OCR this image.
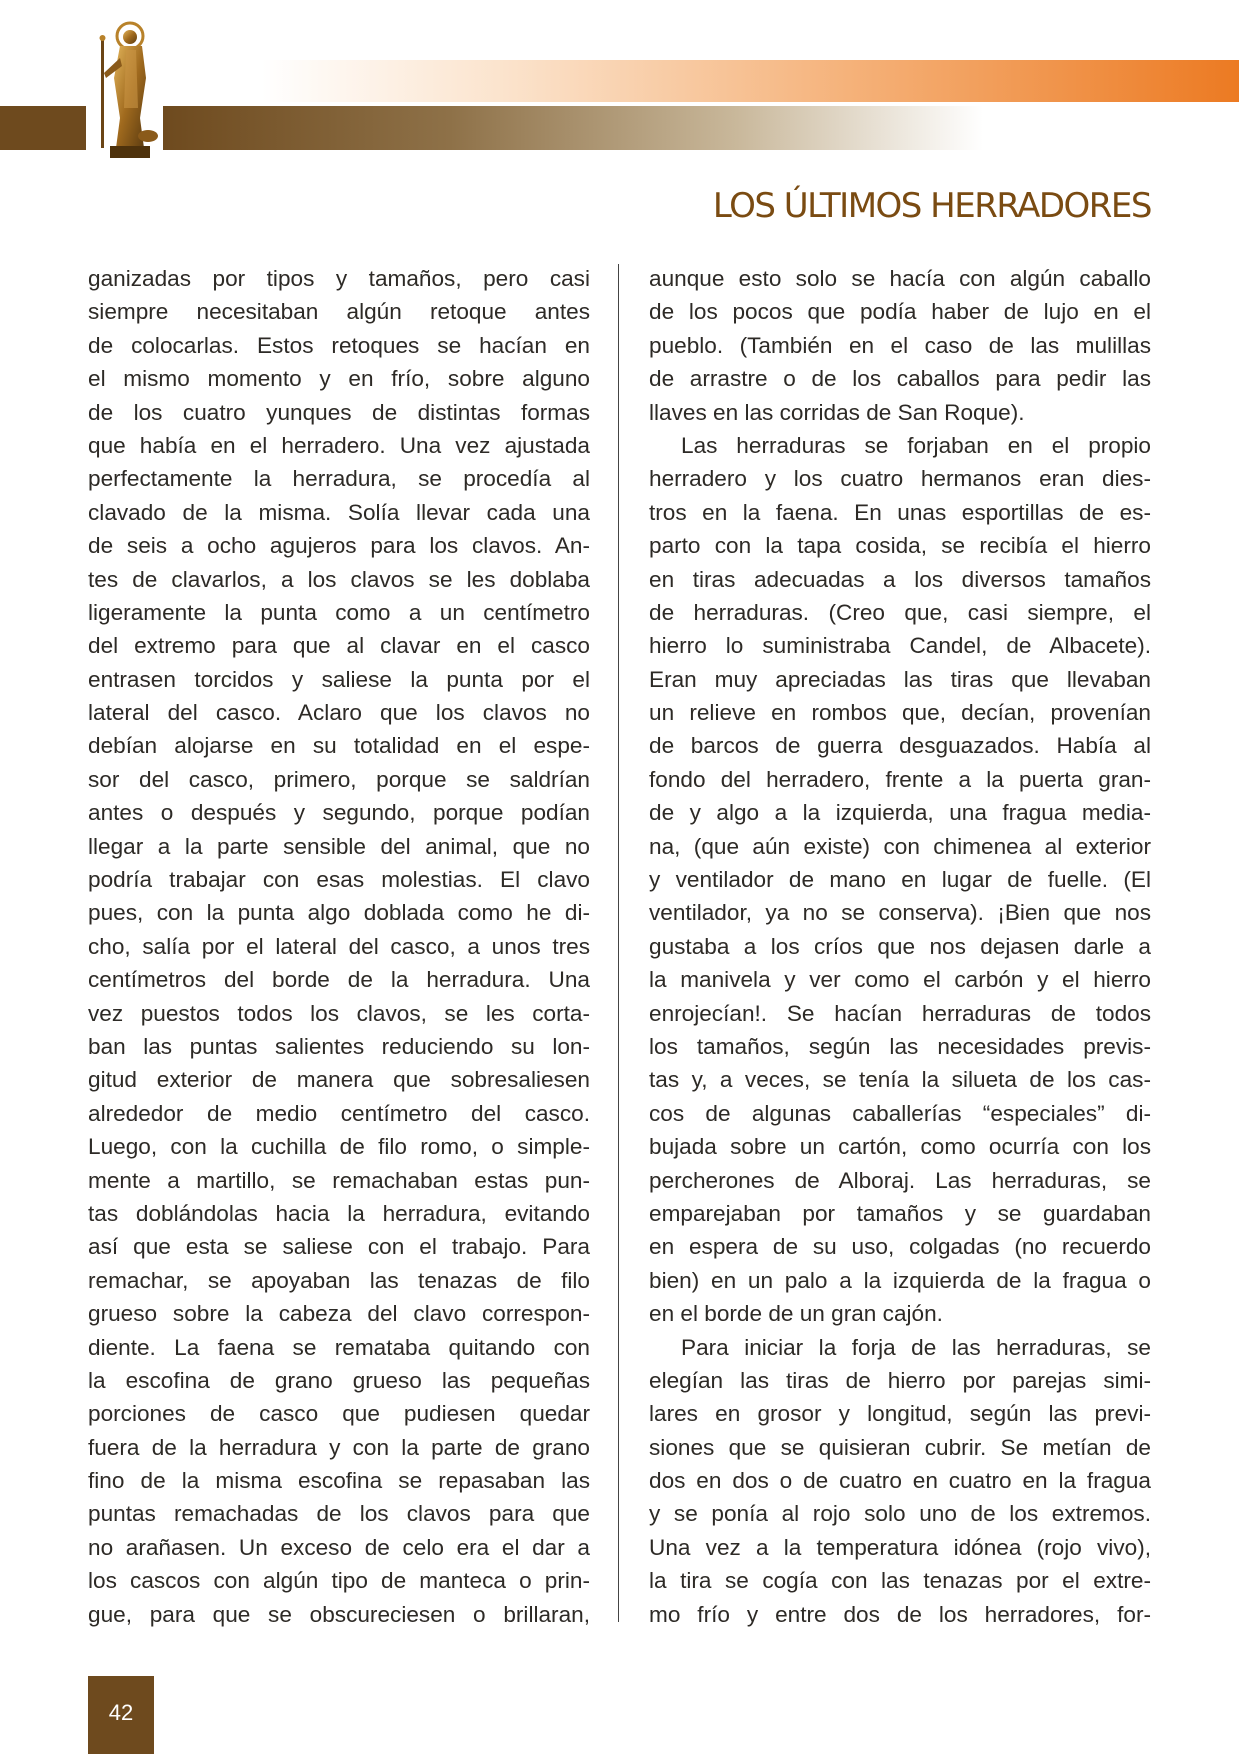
LOS ÚLTIMOS HERRADORES
ganizadas por tipos y tamaños, pero casi
siempre necesitaban algún retoque antes
de colocarlas. Estos retoques se hacían en
el mismo momento y en frío, sobre alguno
de los cuatro yunques de distintas formas
que había en el herradero. Una vez ajustada
perfectamente la herradura, se procedía al
clavado de la misma. Solía llevar cada una
de seis a ocho agujeros para los clavos. An-
tes de clavarlos, a los clavos se les doblaba
ligeramente la punta como a un centímetro
del extremo para que al clavar en el casco
entrasen torcidos y saliese la punta por el
lateral del casco. Aclaro que los clavos no
debían alojarse en su totalidad en el espe-
sor del casco, primero, porque se saldrían
antes o después y segundo, porque podían
llegar a la parte sensible del animal, que no
podría trabajar con esas molestias. El clavo
pues, con la punta algo doblada como he di-
cho, salía por el lateral del casco, a unos tres
centímetros del borde de la herradura. Una
vez puestos todos los clavos, se les corta-
ban las puntas salientes reduciendo su lon-
gitud exterior de manera que sobresaliesen
alrededor de medio centímetro del casco.
Luego, con la cuchilla de filo romo, o simple-
mente a martillo, se remachaban estas pun-
tas doblándolas hacia la herradura, evitando
así que esta se saliese con el trabajo. Para
remachar, se apoyaban las tenazas de filo
grueso sobre la cabeza del clavo correspon-
diente. La faena se remataba quitando con
la escofina de grano grueso las pequeñas
porciones de casco que pudiesen quedar
fuera de la herradura y con la parte de grano
fino de la misma escofina se repasaban las
puntas remachadas de los clavos para que
no arañasen. Un exceso de celo era el dar a
los cascos con algún tipo de manteca o prin-
gue, para que se obscureciesen o brillaran,
aunque esto solo se hacía con algún caballo
de los pocos que podía haber de lujo en el
pueblo. (También en el caso de las mulillas
de arrastre o de los caballos para pedir las
llaves en las corridas de San Roque).
Las herraduras se forjaban en el propio
herradero y los cuatro hermanos eran dies-
tros en la faena. En unas esportillas de es-
parto con la tapa cosida, se recibía el hierro
en tiras adecuadas a los diversos tamaños
de herraduras. (Creo que, casi siempre, el
hierro lo suministraba Candel, de Albacete).
Eran muy apreciadas las tiras que llevaban
un relieve en rombos que, decían, provenían
de barcos de guerra desguazados. Había al
fondo del herradero, frente a la puerta gran-
de y algo a la izquierda, una fragua media-
na, (que aún existe) con chimenea al exterior
y ventilador de mano en lugar de fuelle. (El
ventilador, ya no se conserva). ¡Bien que nos
gustaba a los críos que nos dejasen darle a
la manivela y ver como el carbón y el hierro
enrojecían!. Se hacían herraduras de todos
los tamaños, según las necesidades previs-
tas y, a veces, se tenía la silueta de los cas-
cos de algunas caballerías “especiales” di-
bujada sobre un cartón, como ocurría con los
percherones de Alboraj. Las herraduras, se
emparejaban por tamaños y se guardaban
en espera de su uso, colgadas (no recuerdo
bien) en un palo a la izquierda de la fragua o
en el borde de un gran cajón.
Para iniciar la forja de las herraduras, se
elegían las tiras de hierro por parejas simi-
lares en grosor y longitud, según las previ-
siones que se quisieran cubrir. Se metían de
dos en dos o de cuatro en cuatro en la fragua
y se ponía al rojo solo uno de los extremos.
Una vez a la temperatura idónea (rojo vivo),
la tira se cogía con las tenazas por el extre-
mo frío y entre dos de los herradores, for-
42
